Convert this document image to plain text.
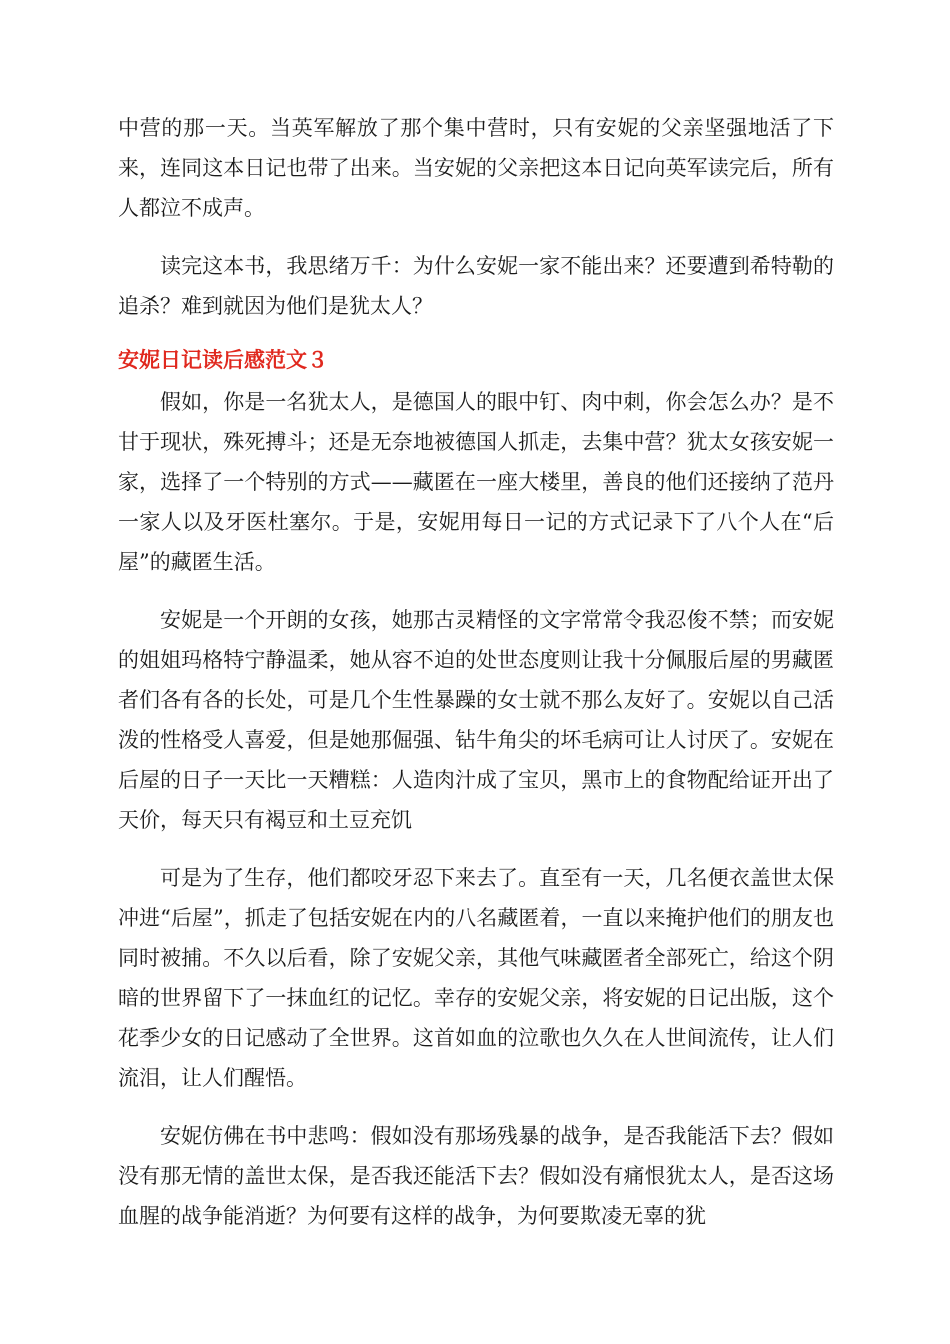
中营的那一天。当英军解放了那个集中营时，只有安妮的父亲坚强地活了下来，连同这本日记也带了出来。当安妮的父亲把这本日记向英军读完后，所有人都泣不成声。

读完这本书，我思绪万千：为什么安妮一家不能出来？还要遭到希特勒的追杀？难到就因为他们是犹太人？

安妮日记读后感范文３

假如，你是一名犹太人，是德国人的眼中钉、肉中刺，你会怎么办？是不甘于现状，殊死搏斗；还是无奈地被德国人抓走，去集中营？犹太女孩安妮一家，选择了一个特别的方式——藏匿在一座大楼里，善良的他们还接纳了范丹一家人以及牙医杜塞尔。于是，安妮用每日一记的方式记录下了八个人在“后屋”的藏匿生活。

安妮是一个开朗的女孩，她那古灵精怪的文字常常令我忍俊不禁；而安妮的姐姐玛格特宁静温柔，她从容不迫的处世态度则让我十分佩服后屋的男藏匿者们各有各的长处，可是几个生性暴躁的女士就不那么友好了。安妮以自己活泼的性格受人喜爱，但是她那倔强、钻牛角尖的坏毛病可让人讨厌了。安妮在后屋的日子一天比一天糟糕：人造肉汁成了宝贝，黑市上的食物配给证开出了天价，每天只有褐豆和土豆充饥

可是为了生存，他们都咬牙忍下来去了。直至有一天，几名便衣盖世太保冲进“后屋”，抓走了包括安妮在内的八名藏匿着，一直以来掩护他们的朋友也同时被捕。不久以后看，除了安妮父亲，其他气味藏匿者全部死亡，给这个阴暗的世界留下了一抹血红的记忆。幸存的安妮父亲，将安妮的日记出版，这个花季少女的日记感动了全世界。这首如血的泣歌也久久在人世间流传，让人们流泪，让人们醒悟。

安妮仿佛在书中悲鸣：假如没有那场残暴的战争，是否我能活下去？假如没有那无情的盖世太保，是否我还能活下去？假如没有痛恨犹太人，是否这场血腥的战争能消逝？为何要有这样的战争，为何要欺凌无辜的犹
